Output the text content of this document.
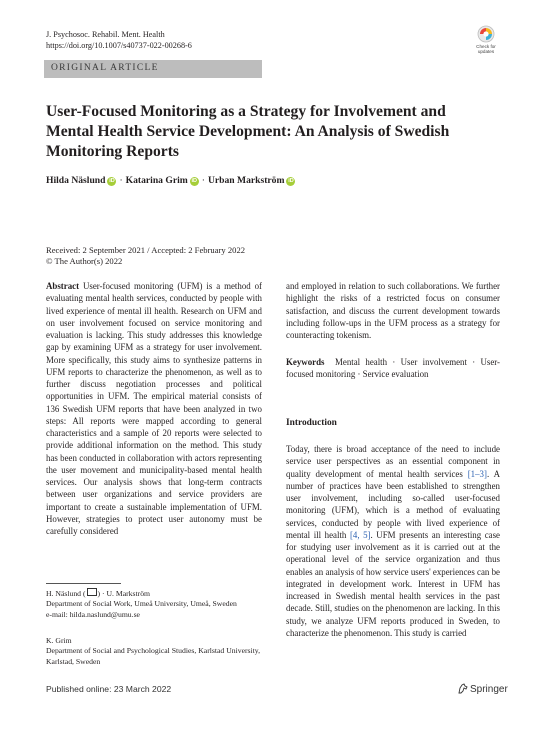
J. Psychosoc. Rehabil. Ment. Health
https://doi.org/10.1007/s40737-022-00268-6	Check for
updates
ORIGINAL ARTICLE
User-Focused Monitoring as a Strategy for Involvement and Mental Health Service Development: An Analysis of Swedish Monitoring Reports
Hilda Näslund iD · Katarina Grim iD · Urban Markström iD
Received: 2 September 2021 / Accepted: 2 February 2022
© The Author(s) 2022
Abstract User-focused monitoring (UFM) is a method of evaluating mental health services, conducted by people with lived experience of mental ill health. Research on UFM and on user involvement focused on service monitoring and evaluation is lacking. This study addresses this knowledge gap by examining UFM as a strategy for user involvement. More specifically, this study aims to synthesize patterns in UFM reports to characterize the phenomenon, as well as to further discuss negotiation processes and political opportunities in UFM. The empirical material consists of 136 Swedish UFM reports that have been analyzed in two steps: All reports were mapped according to general characteristics and a sample of 20 reports were selected to provide additional information on the method. This study has been conducted in collaboration with actors representing the user movement and municipality-based mental health services. Our analysis shows that long-term contracts between user organizations and service providers are important to create a sustainable implementation of UFM. However, strategies to protect user autonomy must be carefully considered
and employed in relation to such collaborations. We further highlight the risks of a restricted focus on consumer satisfaction, and discuss the current development towards including follow-ups in the UFM process as a strategy for counteracting tokenism.
Keywords Mental health · User involvement · User-focused monitoring · Service evaluation
Introduction
Today, there is broad acceptance of the need to include service user perspectives as an essential component in quality development of mental health services [1–3]. A number of practices have been established to strengthen user involvement, including so-called user-focused monitoring (UFM), which is a method of evaluating services, conducted by people with lived experience of mental ill health [4, 5]. UFM presents an interesting case for studying user involvement as it is carried out at the operational level of the service organization and thus enables an analysis of how service users' experiences can be integrated in development work. Interest in UFM has increased in Swedish mental health services in the past decade. Still, studies on the phenomenon are lacking. In this study, we analyze UFM reports produced in Sweden, to characterize the phenomenon. This study is carried
H. Näslund ( ) · U. Markström
Department of Social Work, Umeå University, Umeå, Sweden
e-mail: hilda.naslund@umu.se
K. Grim
Department of Social and Psychological Studies, Karlstad University, Karlstad, Sweden
Published online: 23 March 2022	Springer
